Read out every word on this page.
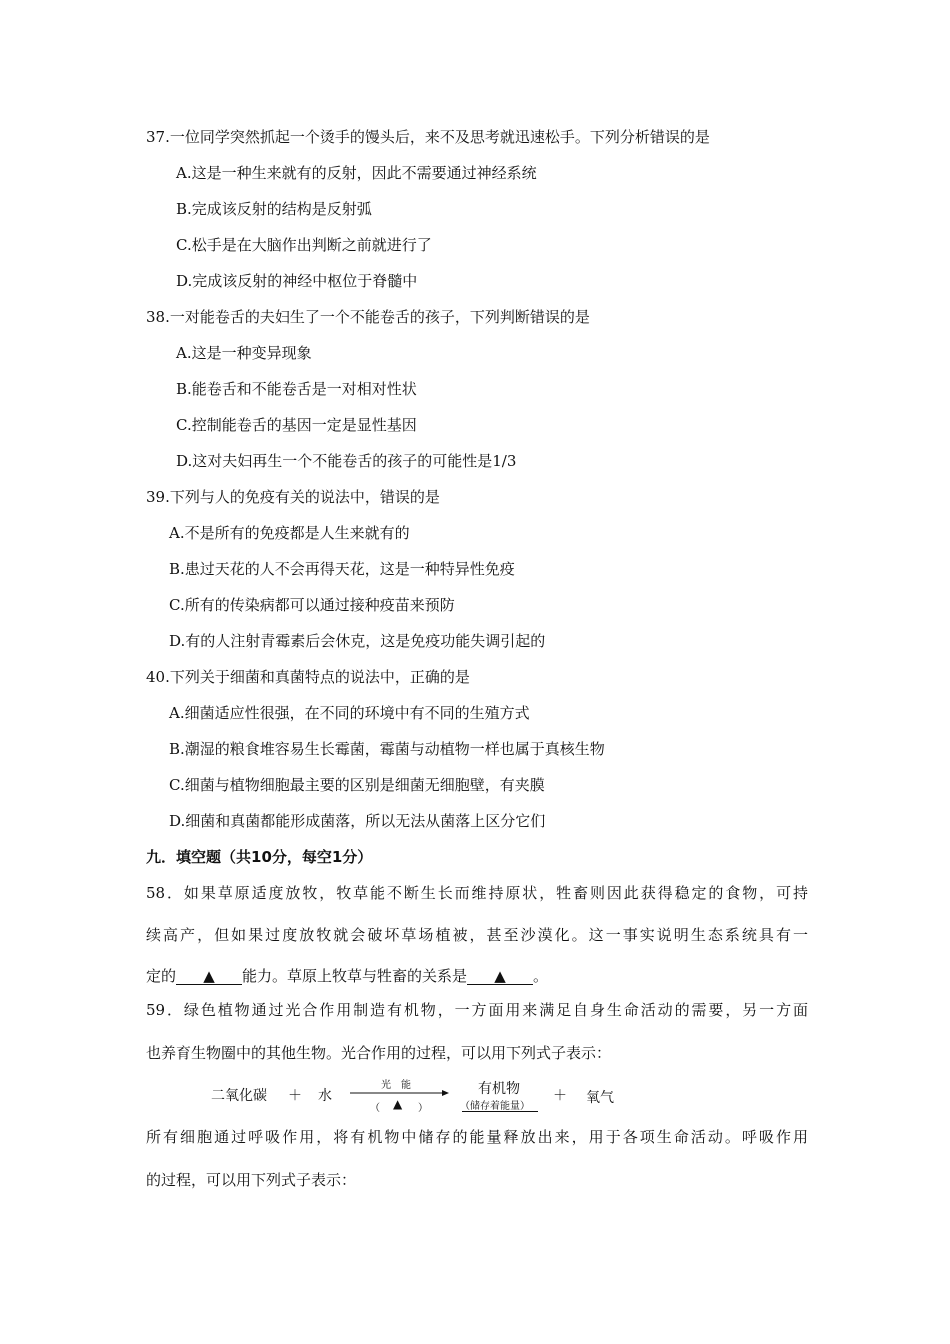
37.一位同学突然抓起一个烫手的馒头后，来不及思考就迅速松手。下列分析错误的是
A.这是一种生来就有的反射，因此不需要通过神经系统
B.完成该反射的结构是反射弧
C.松手是在大脑作出判断之前就进行了
D.完成该反射的神经中枢位于脊髓中
38.一对能卷舌的夫妇生了一个不能卷舌的孩子，下列判断错误的是
A.这是一种变异现象
B.能卷舌和不能卷舌是一对相对性状
C.控制能卷舌的基因一定是显性基因
D.这对夫妇再生一个不能卷舌的孩子的可能性是1/3
39.下列与人的免疫有关的说法中，错误的是
A.不是所有的免疫都是人生来就有的
B.患过天花的人不会再得天花，这是一种特异性免疫
C.所有的传染病都可以通过接种疫苗来预防
D.有的人注射青霉素后会休克，这是免疫功能失调引起的
40.下列关于细菌和真菌特点的说法中，正确的是
A.细菌适应性很强，在不同的环境中有不同的生殖方式
B.潮湿的粮食堆容易生长霉菌，霉菌与动植物一样也属于真核生物
C.细菌与植物细胞最主要的区别是细菌无细胞壁，有夹膜
D.细菌和真菌都能形成菌落，所以无法从菌落上区分它们
九．填空题（共10分，每空1分）
58．如果草原适度放牧，牧草能不断生长而维持原状，牲畜则因此获得稳定的食物，可持
续高产，但如果过度放牧就会破坏草场植被，甚至沙漠化。这一事实说明生态系统具有一
定的 ▲ 能力。草原上牧草与牲畜的关系是 ▲ 。
59．绿色植物通过光合作用制造有机物，一方面用来满足自身生命活动的需要，另一方面
也养育生物圈中的其他生物。光合作用的过程，可以用下列式子表示：
二氧化碳 ＋ 水
光　能
（ ▲ ）
有机物
（储存着能量）
＋ 氧气
所有细胞通过呼吸作用，将有机物中储存的能量释放出来，用于各项生命活动。呼吸作用
的过程，可以用下列式子表示：
